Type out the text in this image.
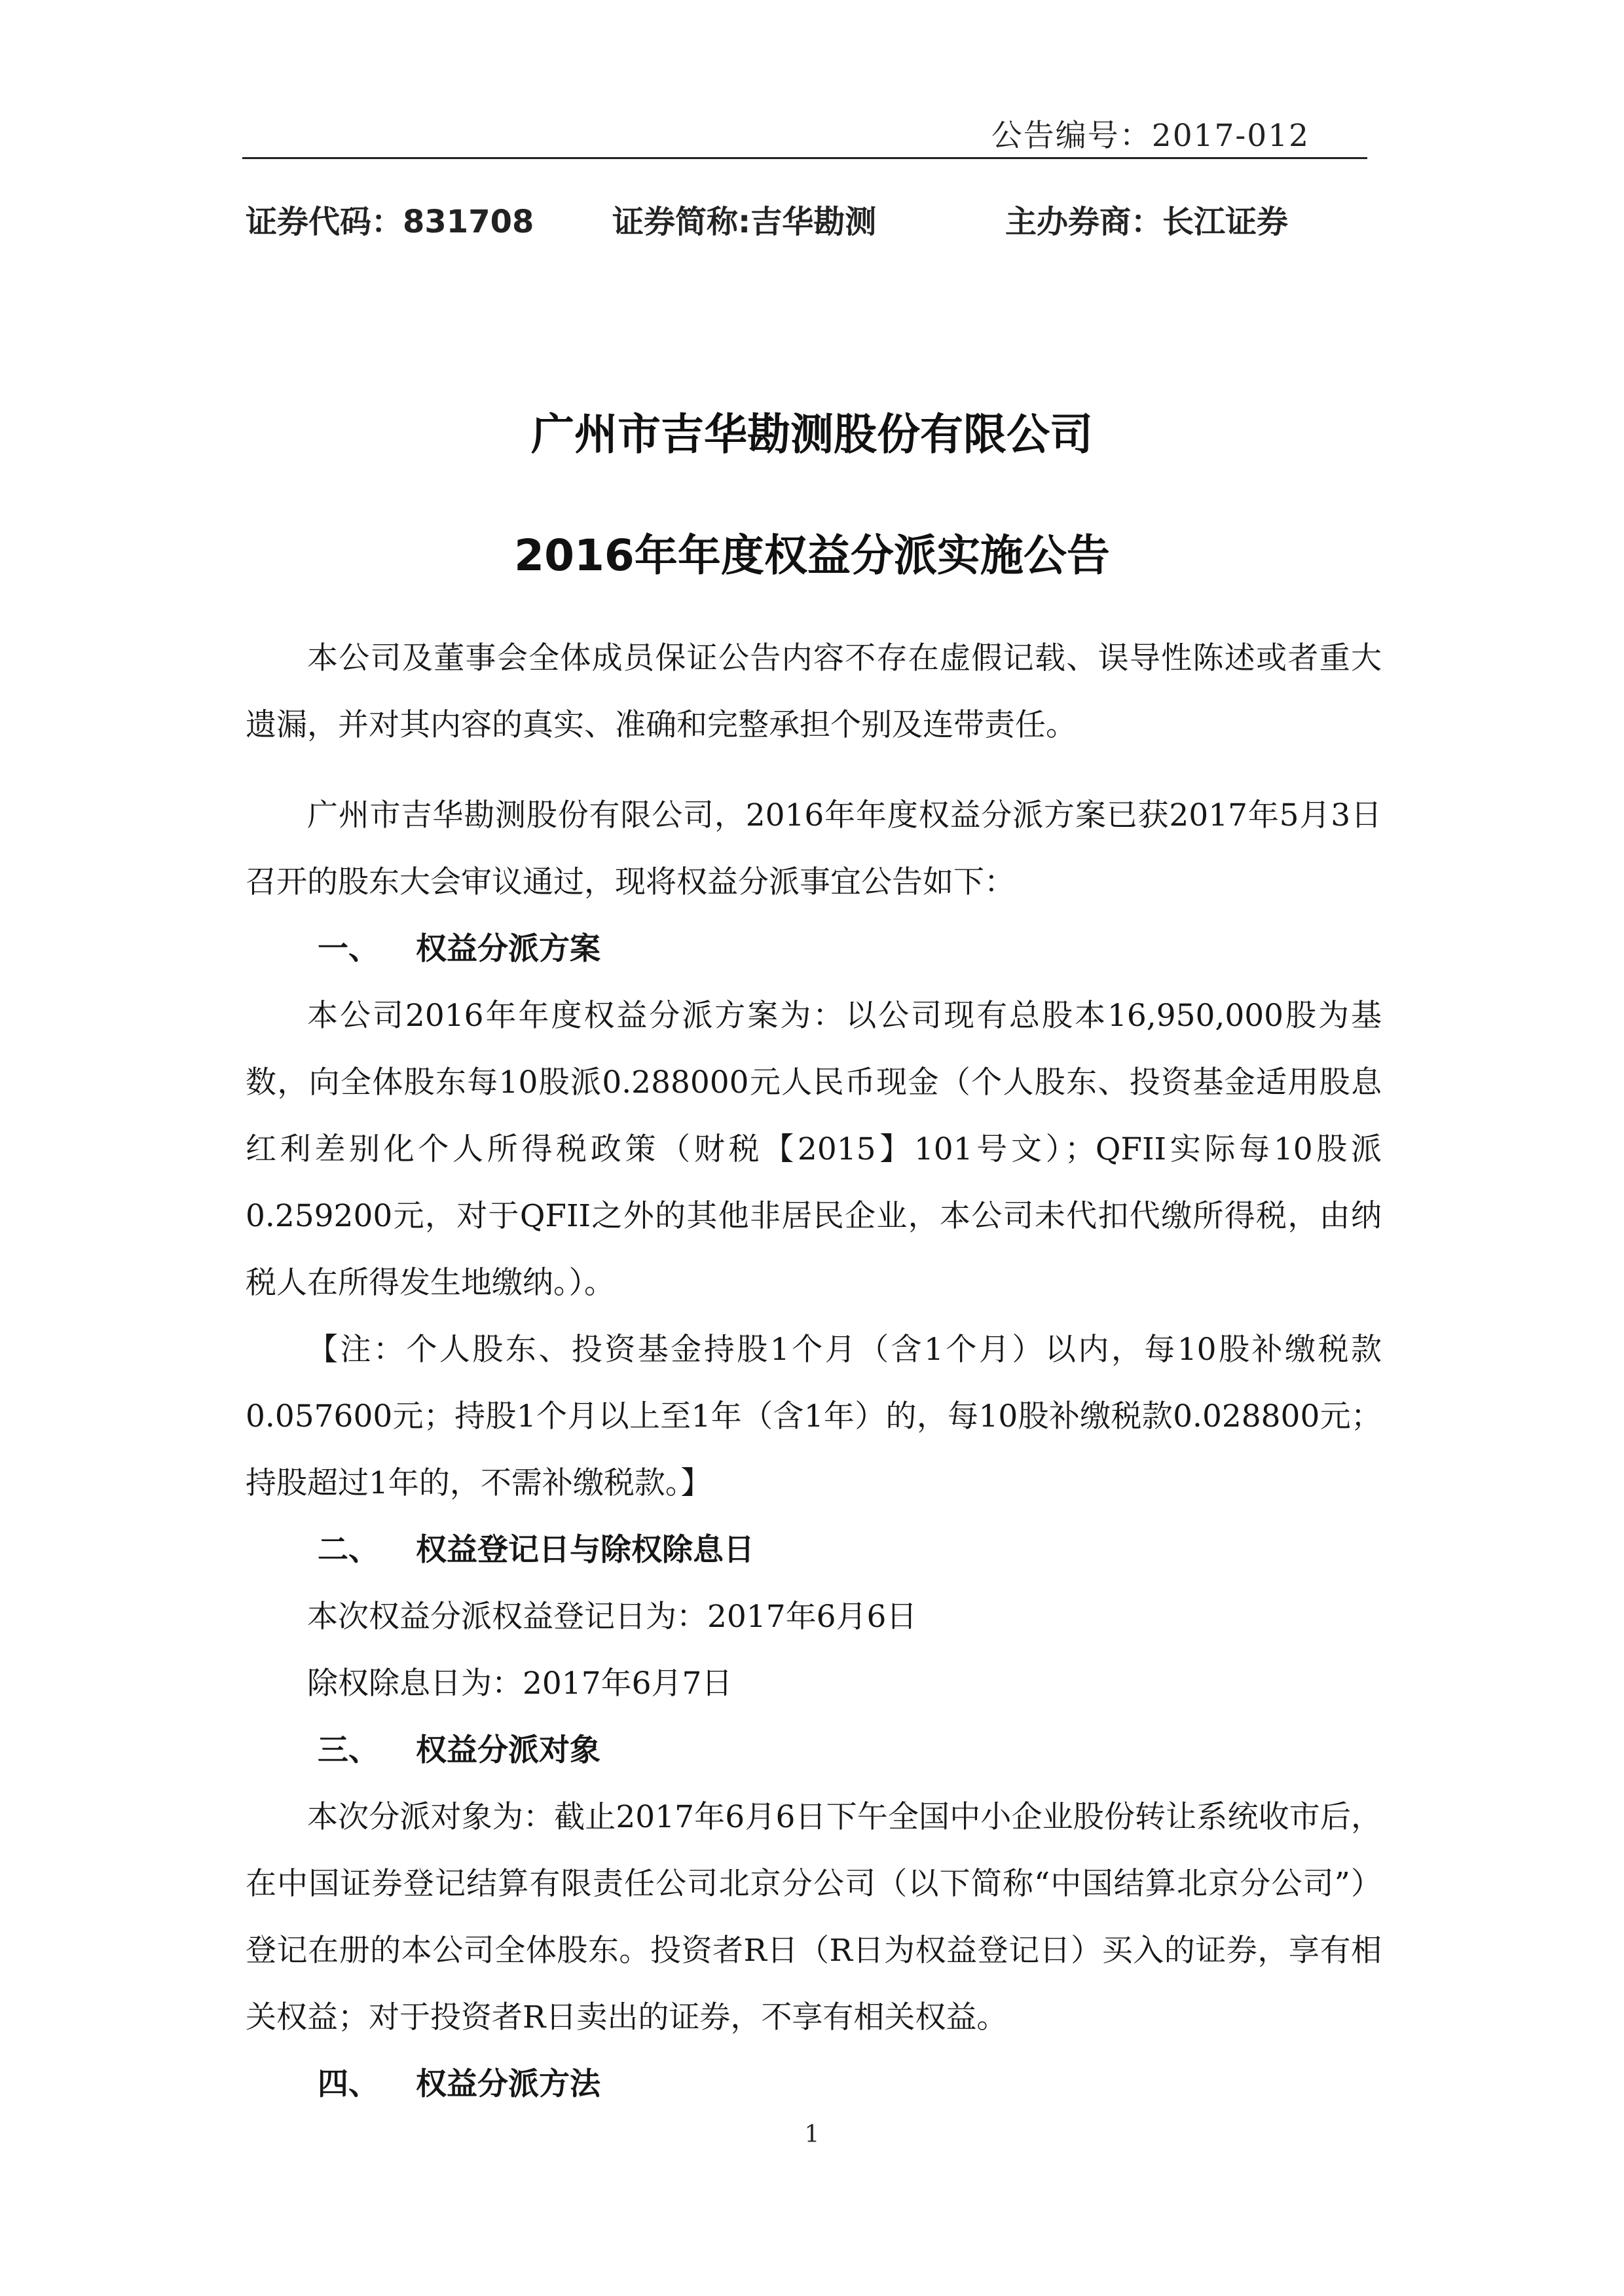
公告编号：2017-012
证券代码：831708 证券简称:吉华勘测	主办券商：长江证券
广州市吉华勘测股份有限公司
2016年年度权益分派实施公告

本公司及董事会全体成员保证公告内容不存在虚假记载、误导性陈述或者重大遗漏，并对其内容的真实、准确和完整承担个别及连带责任。

广州市吉华勘测股份有限公司，2016年年度权益分派方案已获2017年5月3日召开的股东大会审议通过，现将权益分派事宜公告如下：

一、 权益分派方案

本公司2016年年度权益分派方案为：以公司现有总股本16,950,000股为基数，向全体股东每10股派0.288000元人民币现金（个人股东、投资基金适用股息红利差别化个人所得税政策（财税【2015】101号文）；QFII实际每10股派0.259200元，对于QFII之外的其他非居民企业，本公司未代扣代缴所得税，由纳税人在所得发生地缴纳。）。

【注：个人股东、投资基金持股1个月（含1个月）以内，每10股补缴税款0.057600元；持股1个月以上至1年（含1年）的，每10股补缴税款0.028800元；持股超过1年的，不需补缴税款。】

二、 权益登记日与除权除息日

本次权益分派权益登记日为：2017年6月6日

除权除息日为：2017年6月7日

三、 权益分派对象

本次分派对象为：截止2017年6月6日下午全国中小企业股份转让系统收市后，在中国证券登记结算有限责任公司北京分公司（以下简称“中国结算北京分公司”）登记在册的本公司全体股东。投资者R日（R日为权益登记日）买入的证券，享有相关权益；对于投资者R日卖出的证券，不享有相关权益。

四、 权益分派方法
1
